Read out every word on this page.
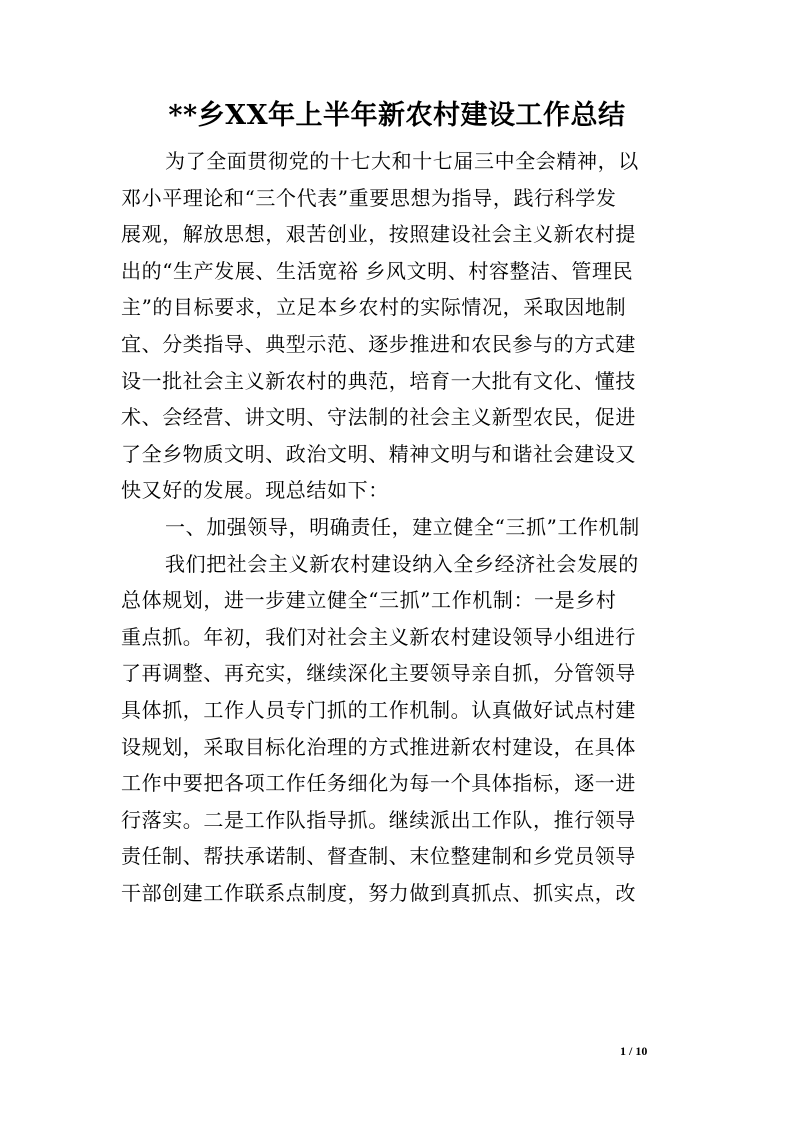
**乡XX年上半年新农村建设工作总结
为了全面贯彻党的十七大和十七届三中全会精神，以
邓小平理论和“三个代表”重要思想为指导，践行科学发
展观，解放思想，艰苦创业，按照建设社会主义新农村提
出的“生产发展、生活宽裕 乡风文明、村容整洁、管理民
主”的目标要求，立足本乡农村的实际情况，采取因地制
宜、分类指导、典型示范、逐步推进和农民参与的方式建
设一批社会主义新农村的典范，培育一大批有文化、懂技
术、会经营、讲文明、守法制的社会主义新型农民，促进
了全乡物质文明、政治文明、精神文明与和谐社会建设又
快又好的发展。现总结如下：
一、加强领导，明确责任，建立健全“三抓”工作机制
我们把社会主义新农村建设纳入全乡经济社会发展的
总体规划，进一步建立健全“三抓”工作机制：一是乡村
重点抓。年初，我们对社会主义新农村建设领导小组进行
了再调整、再充实，继续深化主要领导亲自抓，分管领导
具体抓，工作人员专门抓的工作机制。认真做好试点村建
设规划，采取目标化治理的方式推进新农村建设，在具体
工作中要把各项工作任务细化为每一个具体指标，逐一进
行落实。二是工作队指导抓。继续派出工作队，推行领导
责任制、帮扶承诺制、督查制、末位整建制和乡党员领导
干部创建工作联系点制度，努力做到真抓点、抓实点，改
1 / 10
